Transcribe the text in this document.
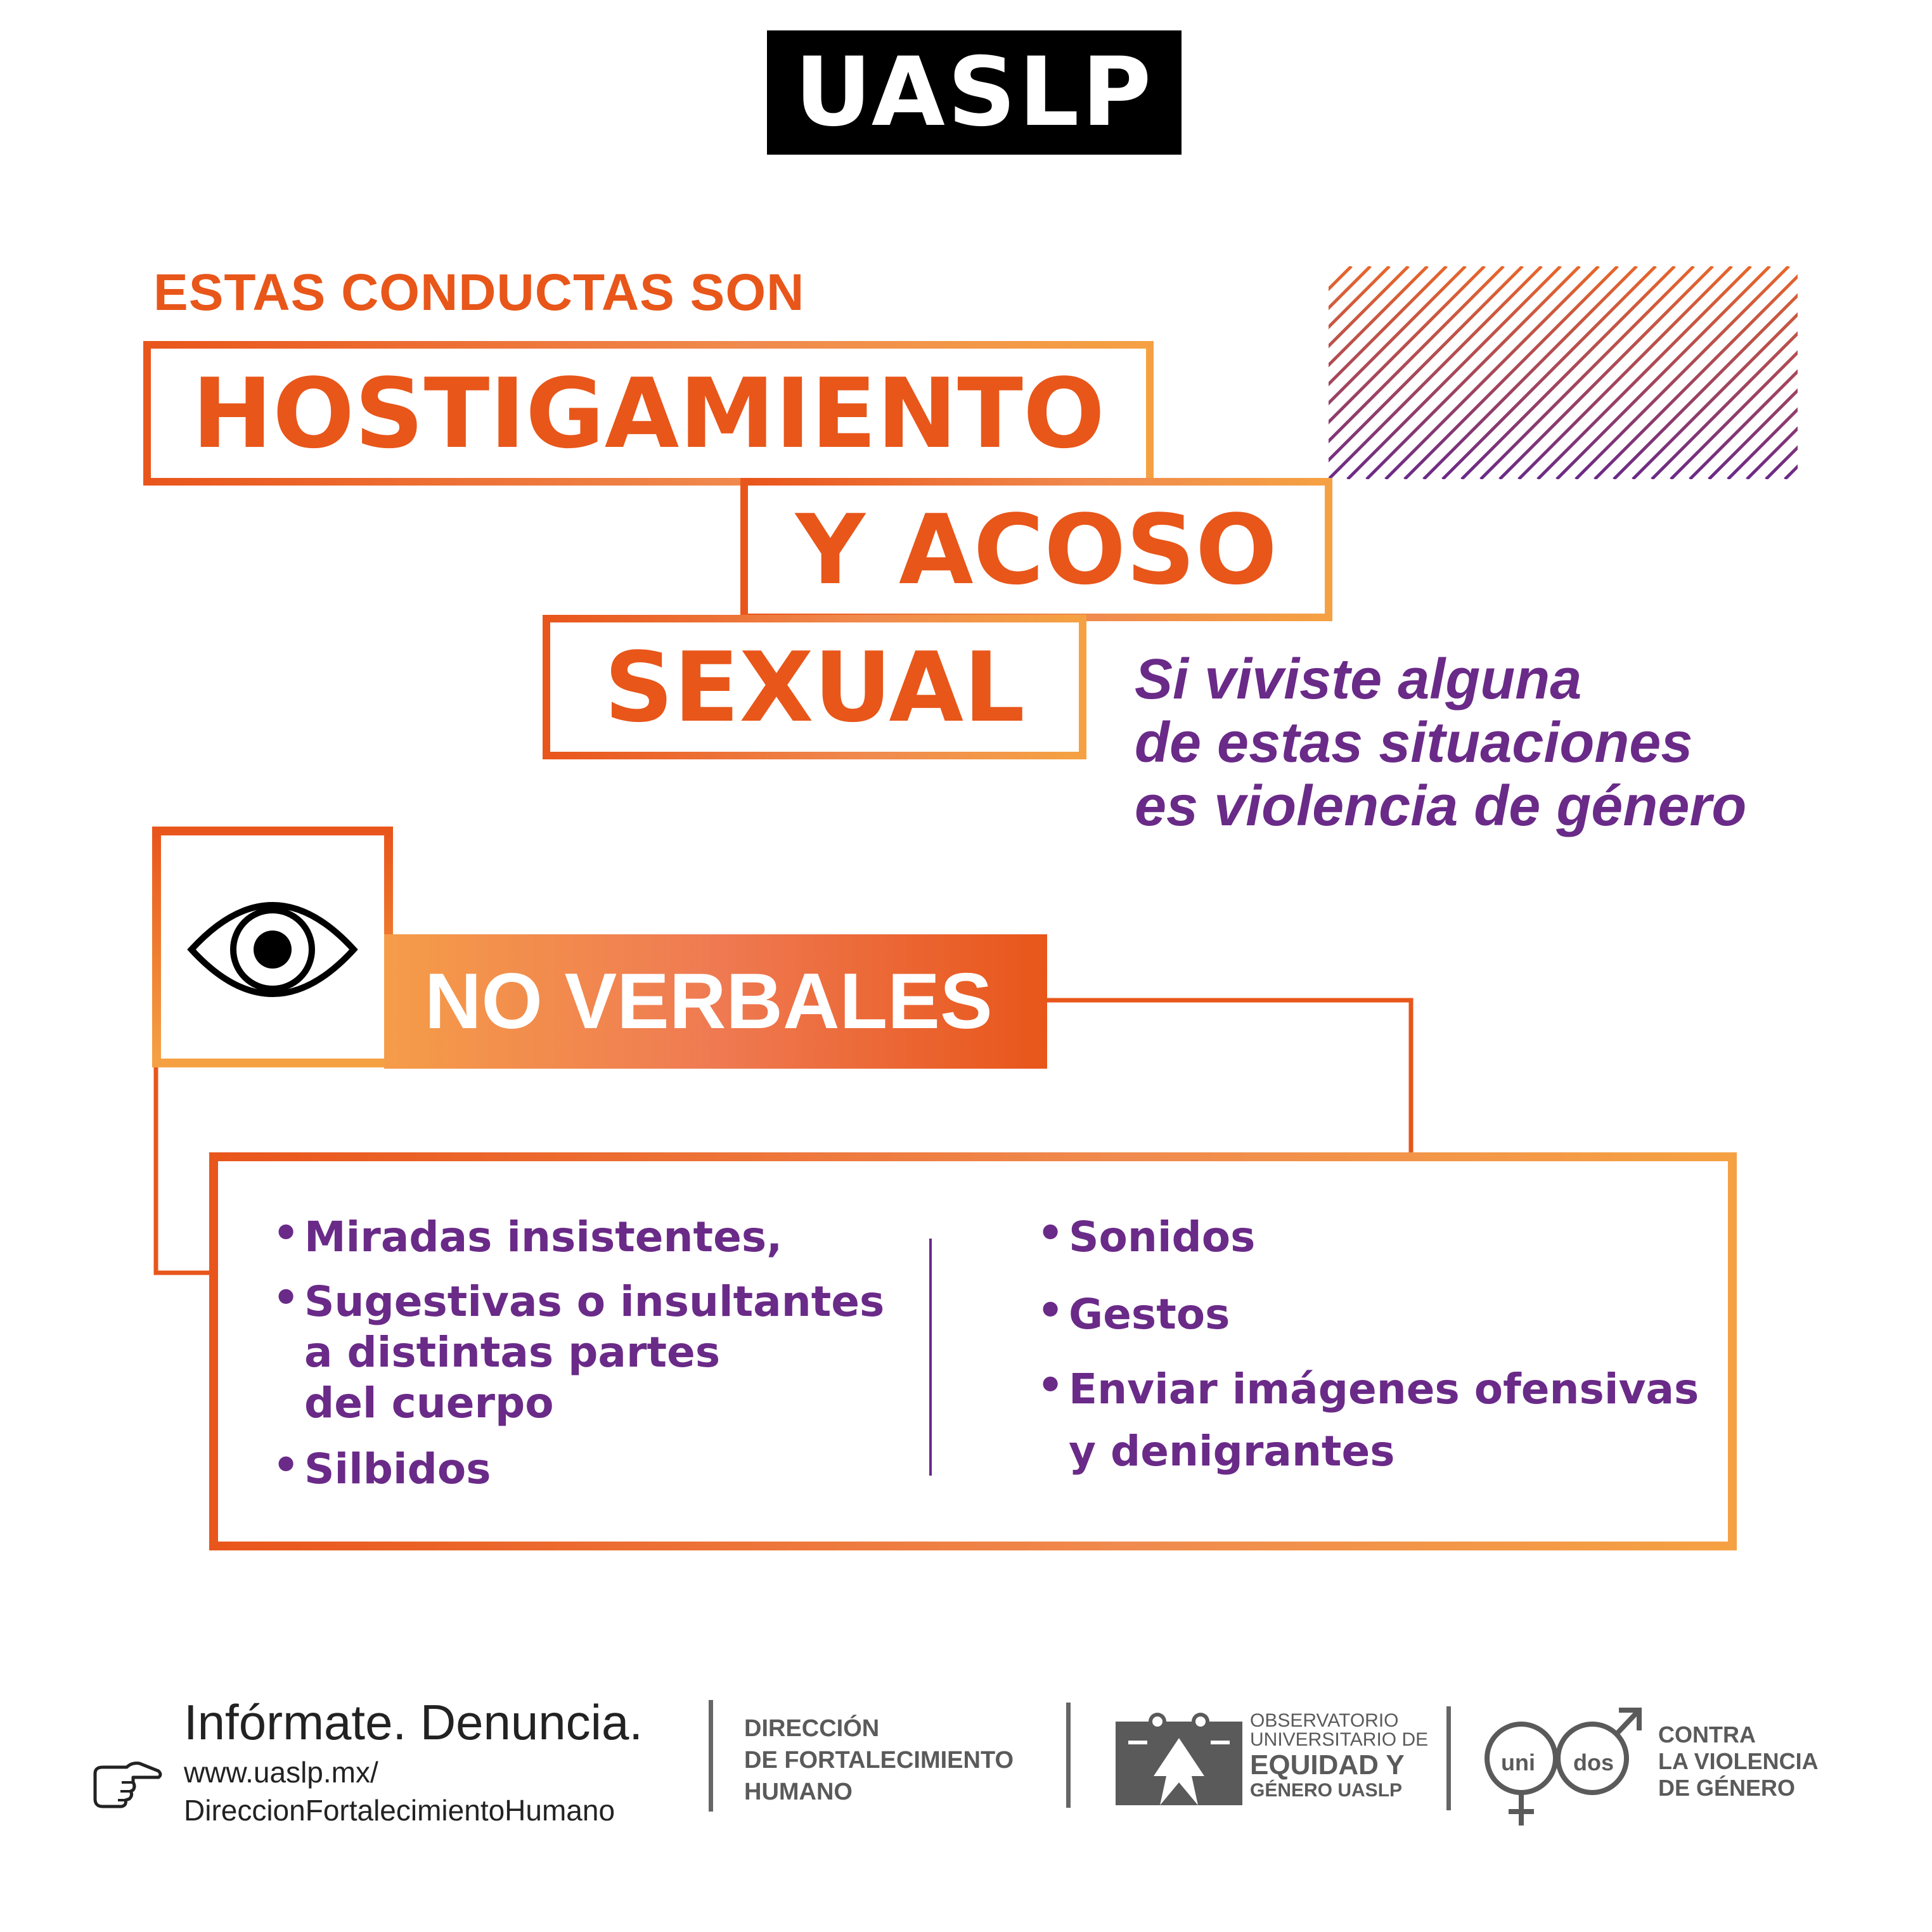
UASLP
ESTAS CONDUCTAS SON
HOSTIGAMIENTO
Y ACOSO
SEXUAL	Si viviste alguna
de estas situaciones
es violencia de género
NO VERBALES
• Miradas insistentes,
• Sugestivas o insultantes
a distintas partes
del cuerpo
• Silbidos
• Sonidos
• Gestos
• Enviar imágenes ofensivas
y denigrantes
Infórmate. Denuncia.
www.uaslp.mx/
DireccionFortalecimientoHumano
DIRECCIÓN
DE FORTALECIMIENTO
HUMANO
OBSERVATORIO
UNIVERSITARIO DE
EQUIDAD Y
GÉNERO UASLP
uni dos
CONTRA
LA VIOLENCIA
DE GÉNERO
